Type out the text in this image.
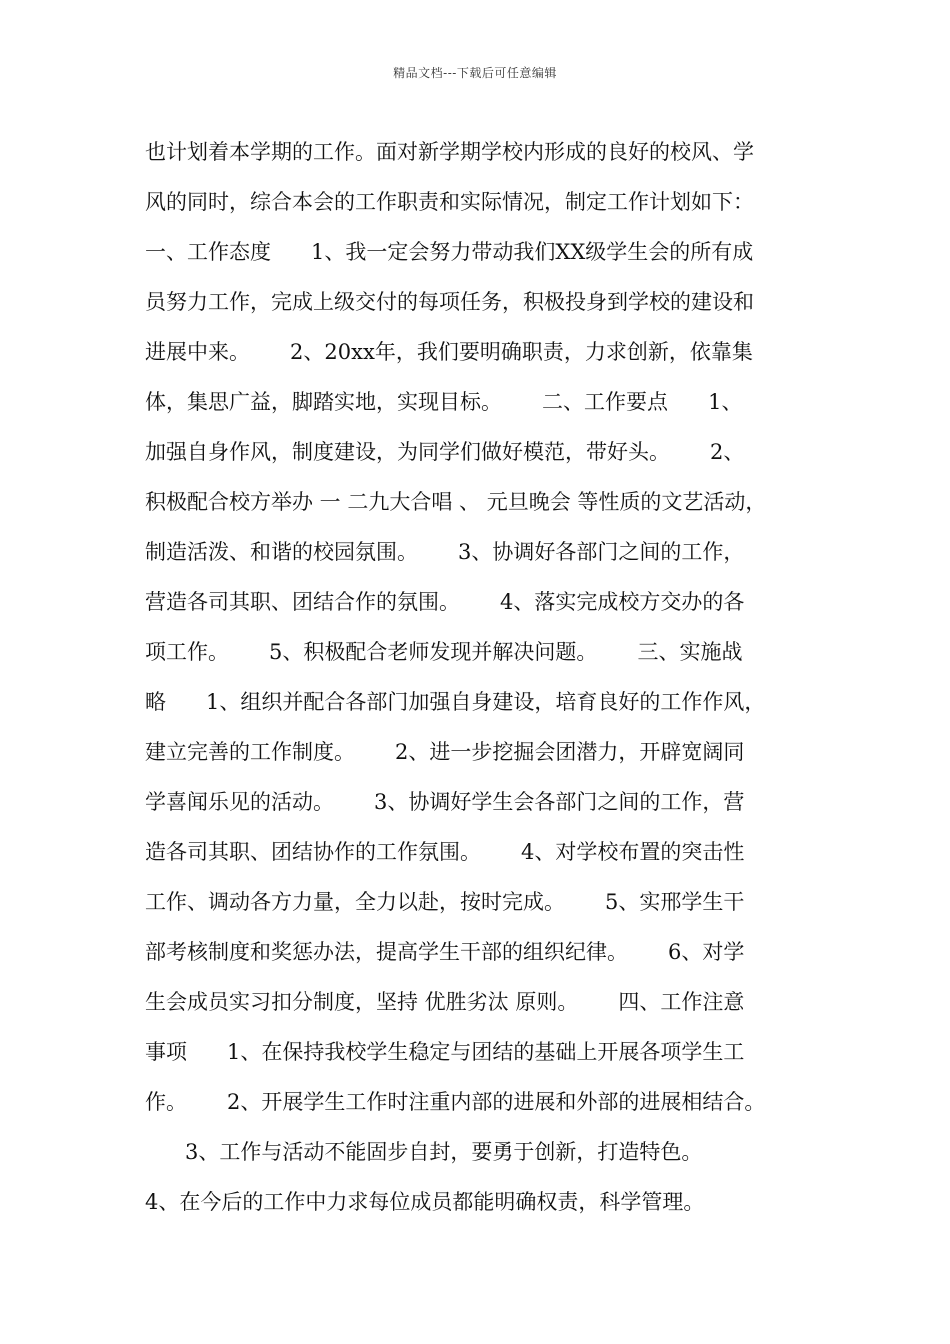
精品文档---下载后可任意编辑
也计划着本学期的工作。面对新学期学校内形成的良好的校风、学
风的同时，综合本会的工作职责和实际情况，制定工作计划如下：
一、工作态度      1、我一定会努力带动我们XX级学生会的所有成
员努力工作，完成上级交付的每项任务，积极投身到学校的建设和
进展中来。      2、20xx年，我们要明确职责，力求创新，依靠集
体，集思广益，脚踏实地，实现目标。      二、工作要点      1、
加强自身作风，制度建设，为同学们做好模范，带好头。      2、
积极配合校方举办 一 二九大合唱 、 元旦晚会 等性质的文艺活动，
制造活泼、和谐的校园氛围。      3、协调好各部门之间的工作，
营造各司其职、团结合作的氛围。      4、落实完成校方交办的各
项工作。      5、积极配合老师发现并解决问题。      三、实施战
略      1、组织并配合各部门加强自身建设，培育良好的工作作风，
建立完善的工作制度。      2、进一步挖掘会团潜力，开辟宽阔同
学喜闻乐见的活动。      3、协调好学生会各部门之间的工作，营
造各司其职、团结协作的工作氛围。      4、对学校布置的突击性
工作、调动各方力量，全力以赴，按时完成。      5、实邢学生干
部考核制度和奖惩办法，提高学生干部的组织纪律。      6、对学
生会成员实习扣分制度，坚持 优胜劣汰 原则。      四、工作注意
事项      1、在保持我校学生稳定与团结的基础上开展各项学生工
作。      2、开展学生工作时注重内部的进展和外部的进展相结合。
3、工作与活动不能固步自封，要勇于创新，打造特色。
4、在今后的工作中力求每位成员都能明确权责，科学管理。
